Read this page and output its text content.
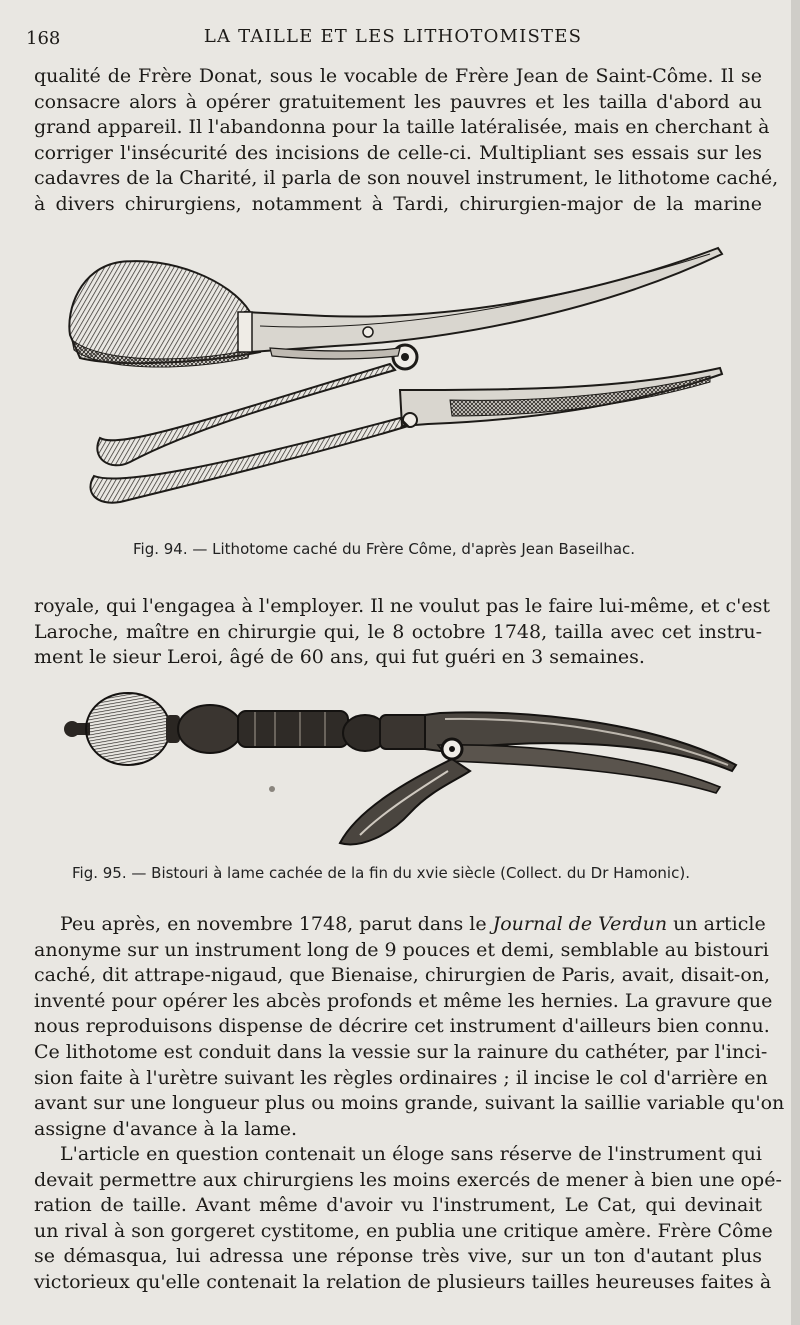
168	LA TAILLE ET LES LITHOTOMISTES
qualité de Frère Donat, sous le vocable de Frère Jean de Saint-Côme. Il se
consacre alors à opérer gratuitement les pauvres et les tailla d'abord au
grand appareil. Il l'abandonna pour la taille latéralisée, mais en cherchant à
corriger l'insécurité des incisions de celle-ci. Multipliant ses essais sur les
cadavres de la Charité, il parla de son nouvel instrument, le lithotome caché,
à divers chirurgiens, notamment à Tardi, chirurgien-major de la marine
Fig. 94. — Lithotome caché du Frère Côme, d'après Jean Baseilhac.
royale, qui l'engagea à l'employer. Il ne voulut pas le faire lui-même, et c'est
Laroche, maître en chirurgie qui, le 8 octobre 1748, tailla avec cet instru-
ment le sieur Leroi, âgé de 60 ans, qui fut guéri en 3 semaines.
Fig. 95. — Bistouri à lame cachée de la fin du xvie siècle (Collect. du Dr Hamonic).
Peu après, en novembre 1748, parut dans le Journal de Verdun un article
anonyme sur un instrument long de 9 pouces et demi, semblable au bistouri
caché, dit attrape-nigaud, que Bienaise, chirurgien de Paris, avait, disait-on,
inventé pour opérer les abcès profonds et même les hernies. La gravure que
nous reproduisons dispense de décrire cet instrument d'ailleurs bien connu.
Ce lithotome est conduit dans la vessie sur la rainure du cathéter, par l'inci-
sion faite à l'urètre suivant les règles ordinaires ; il incise le col d'arrière en
avant sur une longueur plus ou moins grande, suivant la saillie variable qu'on
assigne d'avance à la lame.
L'article en question contenait un éloge sans réserve de l'instrument qui
devait permettre aux chirurgiens les moins exercés de mener à bien une opé-
ration de taille. Avant même d'avoir vu l'instrument, Le Cat, qui devinait
un rival à son gorgeret cystitome, en publia une critique amère. Frère Côme
se démasqua, lui adressa une réponse très vive, sur un ton d'autant plus
victorieux qu'elle contenait la relation de plusieurs tailles heureuses faites à
